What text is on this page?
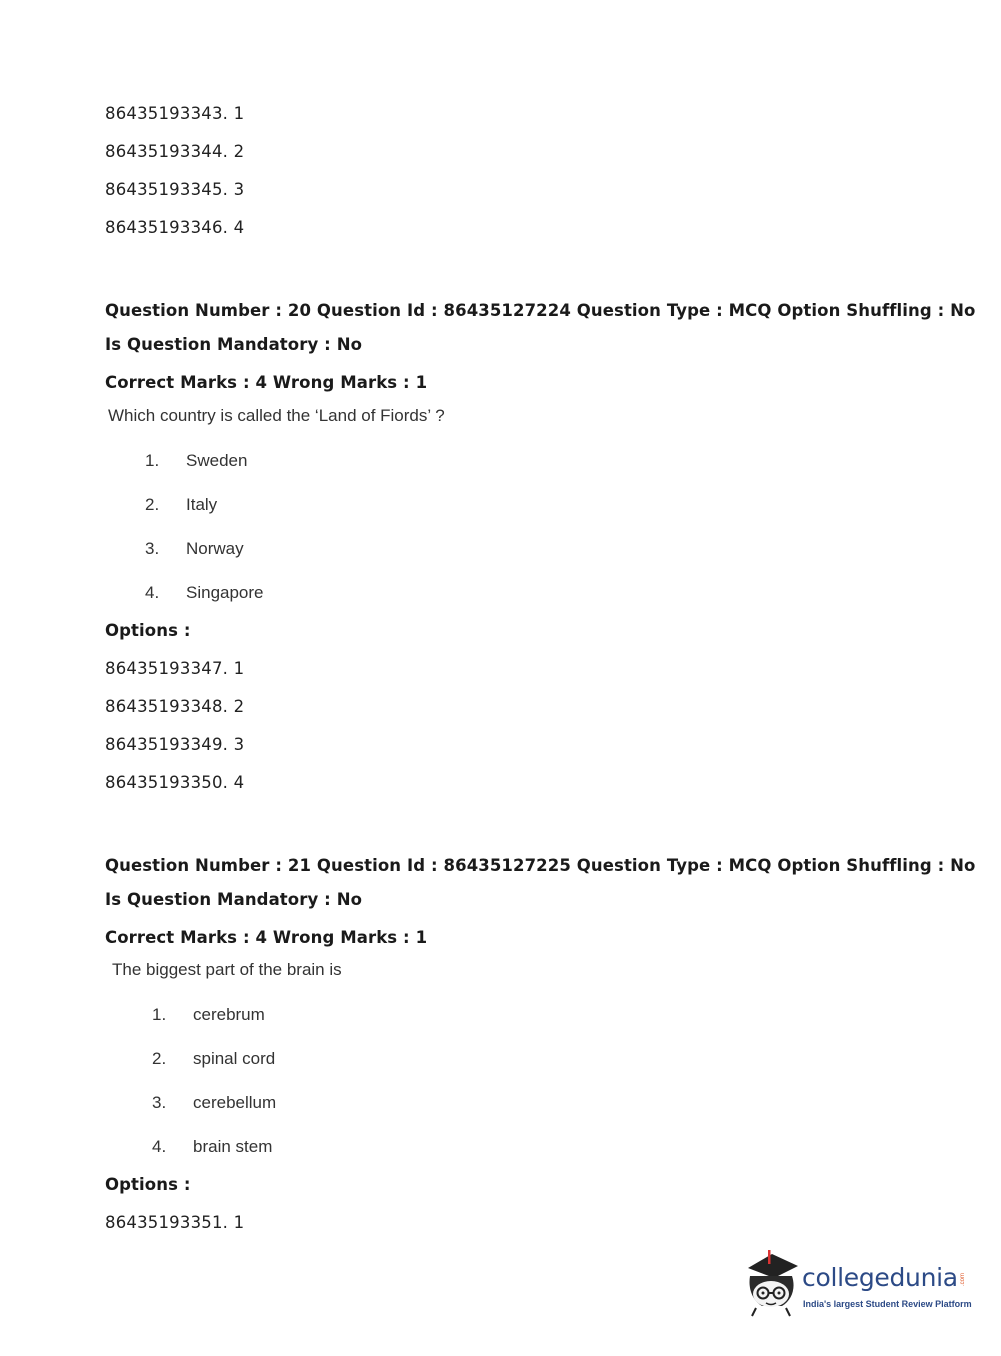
86435193343. 1
86435193344. 2
86435193345. 3
86435193346. 4
Question Number : 20 Question Id : 86435127224 Question Type : MCQ Option Shuffling : No
Is Question Mandatory : No
Correct Marks : 4 Wrong Marks : 1
Which country is called the ‘Land of Fiords’ ?
1. Sweden
2. Italy
3. Norway
4. Singapore
Options :
86435193347. 1
86435193348. 2
86435193349. 3
86435193350. 4
Question Number : 21 Question Id : 86435127225 Question Type : MCQ Option Shuffling : No
Is Question Mandatory : No
Correct Marks : 4 Wrong Marks : 1
The biggest part of the brain is
1. cerebrum
2. spinal cord
3. cerebellum
4. brain stem
Options :
86435193351. 1
collegedunia .com
India's largest Student Review Platform
